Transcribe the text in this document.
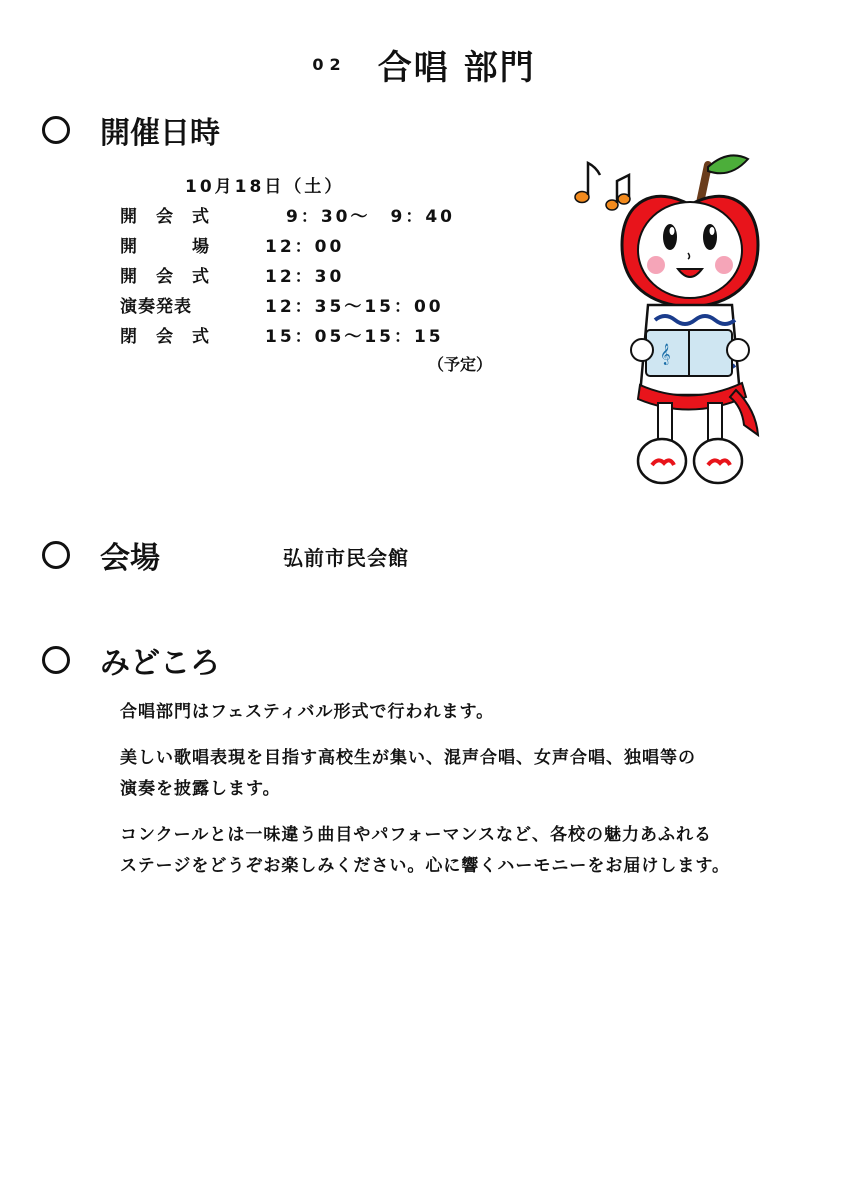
02 合唱 部門
開催日時
10月18日（土）
開　会　式	9：30～　9：40
開　　　場	12：00
開　会　式	12：30
演奏発表	12：35～15：00
閉　会　式	15：05～15：15
（予定）	𝄞
会場	弘前市民会館
みどころ
合唱部門はフェスティバル形式で行われます。
美しい歌唱表現を目指す高校生が集い、混声合唱、女声合唱、独唱等の
演奏を披露します。
コンクールとは一味違う曲目やパフォーマンスなど、各校の魅力あふれる
ステージをどうぞお楽しみください。心に響くハーモニーをお届けします。
